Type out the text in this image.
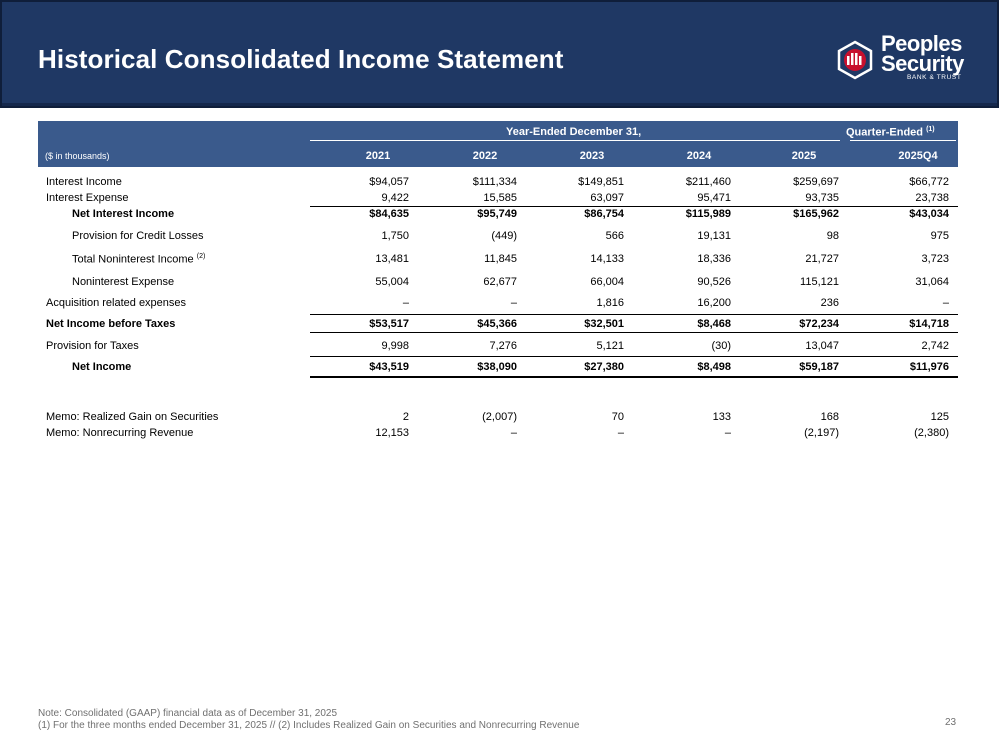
Historical Consolidated Income Statement
Peoples
Security
BANK & TRUST
Year-Ended December 31,	Quarter-Ended $^{(1)}$
($ in thousands)	2021	2022	2023	2024	2025	2025Q4
Interest Income	$94,057	$111,334	$149,851	$211,460	$259,697	$66,772
Interest Expense	9,422	15,585	63,097	95,471	93,735	23,738
Net Interest Income	$84,635	$95,749	$86,754	$115,989	$165,962	$43,034
Provision for Credit Losses	1,750	(449)	566	19,131	98	975
Total Noninterest Income $^{(2)}$	13,481	11,845	14,133	18,336	21,727	3,723
Noninterest Expense	55,004	62,677	66,004	90,526	115,121	31,064
Acquisition related expenses	–	–	1,816	16,200	236	–
Net Income before Taxes	$53,517	$45,366	$32,501	$8,468	$72,234	$14,718
Provision for Taxes	9,998	7,276	5,121	(30)	13,047	2,742
Net Income	$43,519	$38,090	$27,380	$8,498	$59,187	$11,976
Memo: Realized Gain on Securities	2	(2,007)	70	133	168	125
Memo: Nonrecurring Revenue	12,153	–	–	–	(2,197)	(2,380)
Note: Consolidated (GAAP) financial data as of December 31, 2025
(1) For the three months ended December 31, 2025 // (2) Includes Realized Gain on Securities and Nonrecurring Revenue	23
